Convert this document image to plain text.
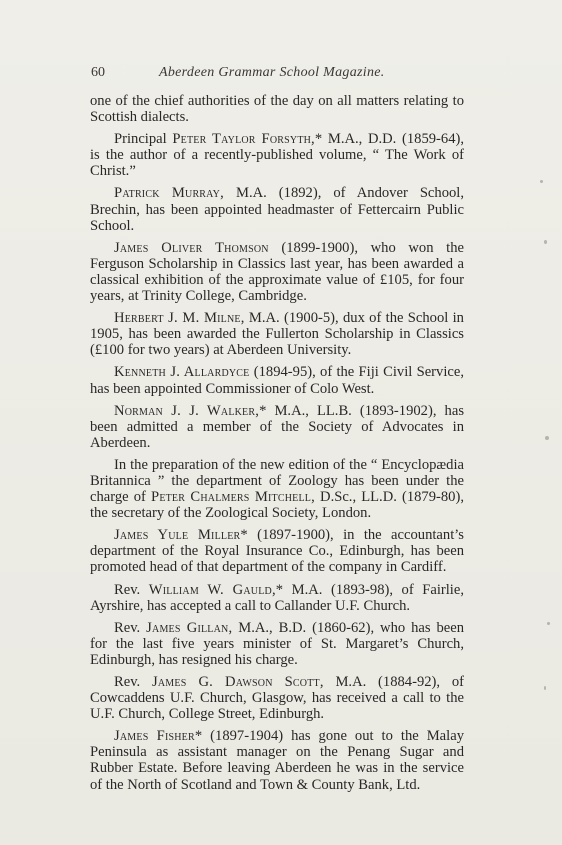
60	Aberdeen Grammar School Magazine.

one of the chief authorities of the day on all matters relating to Scottish dialects.

Principal Peter Taylor Forsyth,* M.A., D.D. (1859-64), is the author of a recently-published volume, “ The Work of Christ.”

Patrick Murray, M.A. (1892), of Andover School, Brechin, has been appointed headmaster of Fettercairn Public School.

James Oliver Thomson (1899-1900), who won the Ferguson Scholarship in Classics last year, has been awarded a classical exhibition of the approximate value of £105, for four years, at Trinity College, Cambridge.

Herbert J. M. Milne, M.A. (1900-5), dux of the School in 1905, has been awarded the Fullerton Scholarship in Classics (£100 for two years) at Aberdeen University.

Kenneth J. Allardyce (1894-95), of the Fiji Civil Service, has been appointed Commissioner of Colo West.

Norman J. J. Walker,* M.A., LL.B. (1893-1902), has been admitted a member of the Society of Advocates in Aberdeen.

In the preparation of the new edition of the “ Encyclopædia Britannica ” the department of Zoology has been under the charge of Peter Chalmers Mitchell, D.Sc., LL.D. (1879-80), the secretary of the Zoological Society, London.

James Yule Miller* (1897-1900), in the accountant’s department of the Royal Insurance Co., Edinburgh, has been promoted head of that department of the company in Cardiff.

Rev. William W. Gauld,* M.A. (1893-98), of Fairlie, Ayrshire, has accepted a call to Callander U.F. Church.

Rev. James Gillan, M.A., B.D. (1860-62), who has been for the last five years minister of St. Margaret’s Church, Edinburgh, has resigned his charge.

Rev. James G. Dawson Scott, M.A. (1884-92), of Cowcaddens U.F. Church, Glasgow, has received a call to the U.F. Church, College Street, Edinburgh.

James Fisher* (1897-1904) has gone out to the Malay Peninsula as assistant manager on the Penang Sugar and Rubber Estate. Before leaving Aberdeen he was in the service of the North of Scotland and Town & County Bank, Ltd.
